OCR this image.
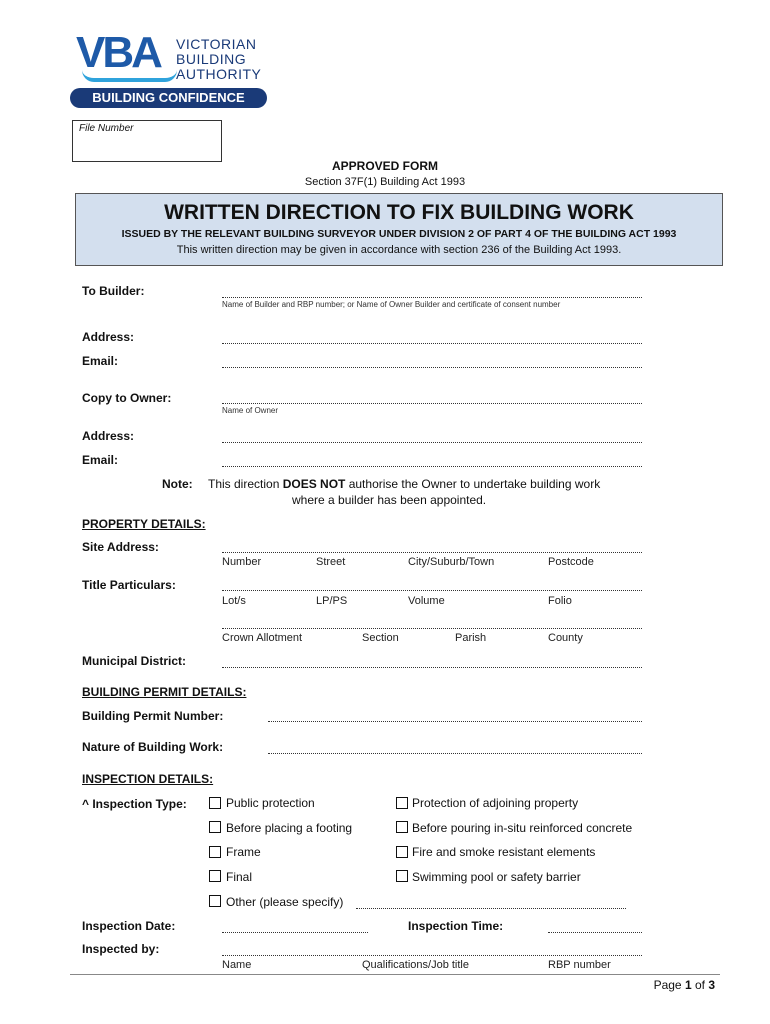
VBA VICTORIAN
BUILDING
AUTHORITY
BUILDING CONFIDENCE
File Number
APPROVED FORM
Section 37F(1) Building Act 1993
WRITTEN DIRECTION TO FIX BUILDING WORK
ISSUED BY THE RELEVANT BUILDING SURVEYOR UNDER DIVISION 2 OF PART 4 OF THE BUILDING ACT 1993
This written direction may be given in accordance with section 236 of the Building Act 1993.
To Builder:
Name of Builder and RBP number; or Name of Owner Builder and certificate of consent number
Address:
Email:
Copy to Owner:
Name of Owner
Address:
Email:
Note: This direction DOES NOT authorise the Owner to undertake building work
where a builder has been appointed.
PROPERTY DETAILS:
Site Address:
Number	Street	City/Suburb/Town	Postcode
Title Particulars:
Lot/s	LP/PS	Volume	Folio
Crown Allotment	Section	Parish	County
Municipal District:
BUILDING PERMIT DETAILS:
Building Permit Number:
Nature of Building Work:
INSPECTION DETAILS:
^ Inspection Type:	Public protection
Before placing a footing
Frame
Final
Other (please specify)
Protection of adjoining property
Before pouring in-situ reinforced concrete
Fire and smoke resistant elements
Swimming pool or safety barrier
Inspection Date:	Inspection Time:
Inspected by:
Name	Qualifications/Job title	RBP number
Page 1 of 3
